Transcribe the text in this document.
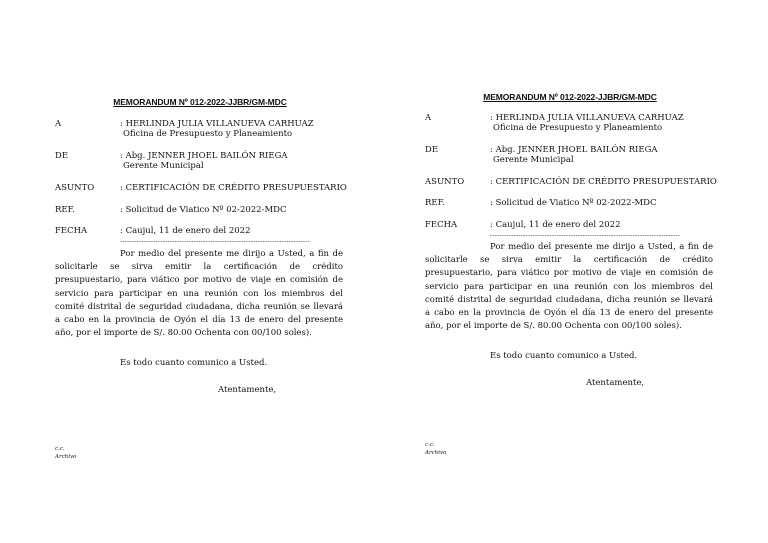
MEMORANDUM Nº 012-2022-JJBR/GM-MDC
A	: HERLINDA JULIA VILLANUEVA CARHUAZ
Oficina de Presupuesto y Planeamiento
DE	: Abg. JENNER JHOEL BAILÓN RIEGA
Gerente Municipal
ASUNTO	: CERTIFICACIÓN DE CRÉDITO PRESUPUESTARIO
REF.	: Solicitud de Viatico Nº 02-2022-MDC
FECHA	: Caujul, 11 de enero del 2022
--------------------------------------------------------------------------------
Por medio del presente me dirijo a Usted, a fin de solicitarle se sirva emitir la certificación de crédito presupuestario, para viático por motivo de viaje en comisión de servicio para participar en una reunión con los miembros del comité distrital de seguridad ciudadana, dicha reunión se llevará a cabo en la provincia de Oyón el día 13 de enero del presente año, por el importe de S/. 80.00 Ochenta con 00/100 soles).
Es todo cuanto comunico a Usted.
Atentamente,
c.c.
Archivo
MEMORANDUM Nº 012-2022-JJBR/GM-MDC
A	: HERLINDA JULIA VILLANUEVA CARHUAZ
Oficina de Presupuesto y Planeamiento
DE	: Abg. JENNER JHOEL BAILÓN RIEGA
Gerente Municipal
ASUNTO	: CERTIFICACIÓN DE CRÉDITO PRESUPUESTARIO
REF.	: Solicitud de Viatico Nº 02-2022-MDC
FECHA	: Caujul, 11 de enero del 2022
--------------------------------------------------------------------------------
Por medio del presente me dirijo a Usted, a fin de solicitarle se sirva emitir la certificación de crédito presupuestario, para viático por motivo de viaje en comisión de servicio para participar en una reunión con los miembros del comité distrital de seguridad ciudadana, dicha reunión se llevará a cabo en la provincia de Oyón el día 13 de enero del presente año, por el importe de S/. 80.00 Ochenta con 00/100 soles).
Es todo cuanto comunico a Usted.
Atentamente,
c.c.
Archivo
